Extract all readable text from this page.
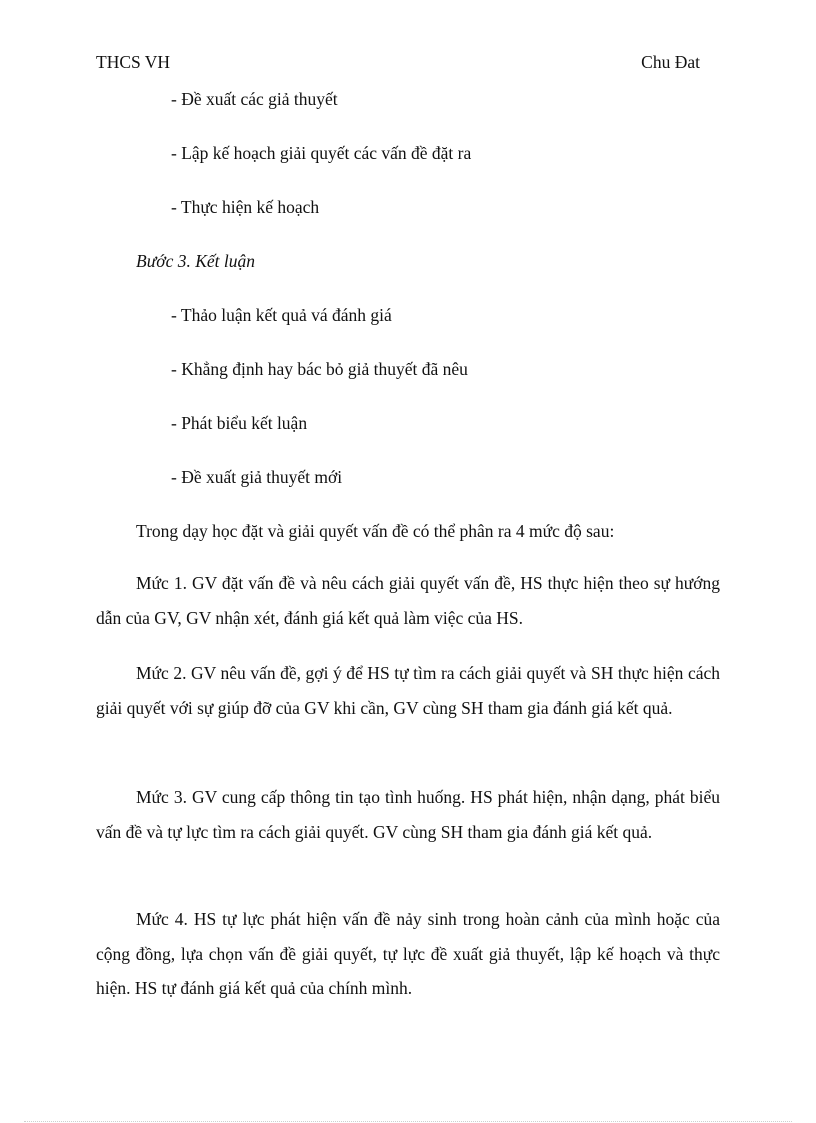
THCS VH	Chu Đat
- Đề xuất các giả thuyết
- Lập kế hoạch giải quyết các vấn đề đặt ra
- Thực hiện kế hoạch
Bước 3. Kết luận
- Thảo luận kết quả vá đánh giá
- Khẳng định hay bác bỏ giả thuyết đã nêu
- Phát biểu kết luận
- Đề xuất giả thuyết mới
Trong dạy học đặt và giải quyết vấn đề có thể phân ra 4 mức độ sau:

Mức 1. GV đặt vấn đề và nêu cách giải quyết vấn đề, HS thực hiện theo sự hướng dẫn của GV, GV nhận xét, đánh giá kết quả làm việc của HS.

Mức 2. GV nêu vấn đề, gợi ý để HS tự tìm ra cách giải quyết và SH thực hiện cách giải quyết với sự giúp đỡ của GV khi cần, GV cùng SH tham gia đánh giá kết quả.

Mức 3. GV cung cấp thông tin tạo tình huống. HS phát hiện, nhận dạng, phát biểu vấn đề và tự lực tìm ra cách giải quyết. GV cùng SH tham gia đánh giá kết quả.

Mức 4. HS tự lực phát hiện vấn đề nảy sinh trong hoàn cảnh của mình hoặc của cộng đồng, lựa chọn vấn đề giải quyết, tự lực đề xuất giả thuyết, lập kế hoạch và thực hiện. HS tự đánh giá kết quả của chính mình.
